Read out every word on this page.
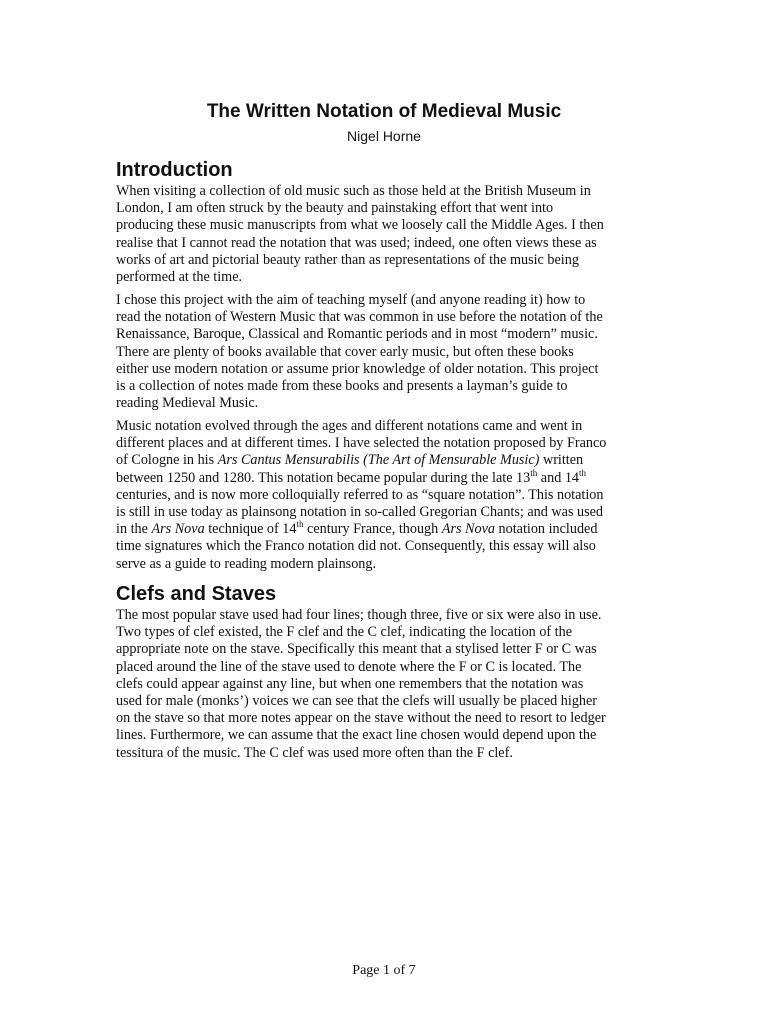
The Written Notation of Medieval Music

Nigel Horne

Introduction
When visiting a collection of old music such as those held at the British Museum in
London, I am often struck by the beauty and painstaking effort that went into
producing these music manuscripts from what we loosely call the Middle Ages. I then
realise that I cannot read the notation that was used; indeed, one often views these as
works of art and pictorial beauty rather than as representations of the music being
performed at the time.
I chose this project with the aim of teaching myself (and anyone reading it) how to
read the notation of Western Music that was common in use before the notation of the
Renaissance, Baroque, Classical and Romantic periods and in most “modern” music.
There are plenty of books available that cover early music, but often these books
either use modern notation or assume prior knowledge of older notation. This project
is a collection of notes made from these books and presents a layman’s guide to
reading Medieval Music.
Music notation evolved through the ages and different notations came and went in
different places and at different times. I have selected the notation proposed by Franco
of Cologne in his Ars Cantus Mensurabilis (The Art of Mensurable Music) written
between 1250 and 1280. This notation became popular during the late 13th and 14th
centuries, and is now more colloquially referred to as “square notation”. This notation
is still in use today as plainsong notation in so-called Gregorian Chants; and was used
in the Ars Nova technique of 14th century France, though Ars Nova notation included
time signatures which the Franco notation did not. Consequently, this essay will also
serve as a guide to reading modern plainsong.
Clefs and Staves
The most popular stave used had four lines; though three, five or six were also in use.
Two types of clef existed, the F clef and the C clef, indicating the location of the
appropriate note on the stave. Specifically this meant that a stylised letter F or C was
placed around the line of the stave used to denote where the F or C is located. The
clefs could appear against any line, but when one remembers that the notation was
used for male (monks’) voices we can see that the clefs will usually be placed higher
on the stave so that more notes appear on the stave without the need to resort to ledger
lines. Furthermore, we can assume that the exact line chosen would depend upon the
tessitura of the music. The C clef was used more often than the F clef.

Page 1 of 7
